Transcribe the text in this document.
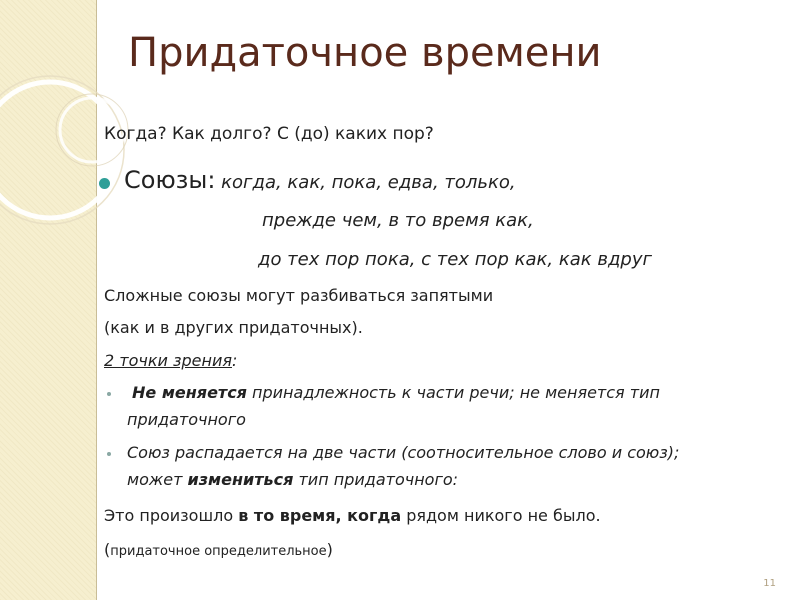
Придаточное времени
Когда? Как долго? С (до) каких пор?
Союзы: когда, как, пока, едва, только,
прежде чем, в то время как,
до тех пор пока, с тех пор как, как вдруг
Сложные союзы могут разбиваться запятыми
(как и в других придаточных).
2 точки зрения:
Не меняется принадлежность к части речи; не меняется тип
придаточного
Союз распадается на две части (соотносительное слово и союз);
может измениться тип придаточного:
Это произошло в то время, когда рядом никого не было.
(придаточное определительное)
11
